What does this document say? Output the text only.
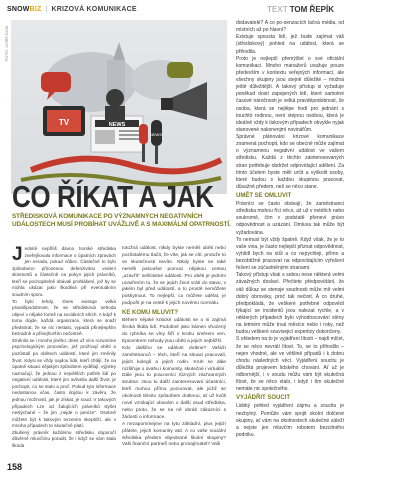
SNOWBIZ | KRIZOVÁ KOMUNIKACE	TEXT TOM ŘEPÍK
FOTO: 123RF.COM
TV	NEWS
NEWS
CO ŘÍKAT A JAK
STŘEDISKOVÁ KOMUNIKACE PO VÝZNAMNÝCH NEGATIVNÍCH UDÁLOSTECH MUSÍ PROBÍHAT UVÁŽLIVĚ A S MAXIMÁLNÍ OPATRNOSTÍ.

Jednitě nepříliš dávno horské střediska zveřejňovala informace o úpatních zpravách jen nerada, pokud vůbec. Částečně to bylo způsobeno přirozenou defenzivitou vedení skiresortů a částečně na pokyn jejich právníků, kteří se pochopitelně obávali prohlášení, jež by se mohla ukázat jako škodlivá při eventuálním soudním sporu.

To bylo tehdy. Dnes existuje velká pravděpodobnost, že se středisková nehoda objeví v nějaké formě na sociálních sítích. A když k tomu dojde, každá organizace, která se snaží předstírat, že se nic nestalo, vypadá přinejlepším bezradně a přinejhorším nečestně.

Změnilo se i mnoho jiného; dnes už více rozumíme psychologickým procesům, jež prožívají oběti a pozůstalí po obětech událostí, které jim změnily život. Kdysi se vždy najdou lidé, kteří chtějí, že na úpatně situaci nějakým způsobem vydělají, výjimky naznačují, že jednou z největších potřeb lidí po negativní události, které jim ovlivnila další život, je pochopit, co se stalo a proč. Pokud tyto informace nedostanou včas, často dojdou k závěru, že jednou možností, jak je získat, je soud. V takových případech Lze od žalujících právníků slyšet neslýchané – že jim „nejde o peníze". Osobně můžete být k takovým tvrzením skeptičtí, ale v mnoha případech to skutečně platí.

Zkušený právník každému středisku doporučí důvěrně mluvčímu poradit, že i když se vám stala škoda

totožná událost, nikdy byste neměli oběti nebo pozůstalému tlačit, že víte, jak se cítí, protože to ve skutečnosti nevíte. Nikdy byste se také neměli pokoušet pomoci nějakou cestou „uzavřít" nešťastné události. Pro oběti je jedním uzavřením to, že se jejich život vrátí do stavu, v jakém byl před událostí, a to prostě nemůžete poskytnout. To nejlepší, co můžete udělat, je podpořit je na cestě k jejich novému normálu.

KE KOMU MLUVIT?

Během nějaké kritické události se o ni zajímá široká škála lidí. Podobně jako kámen vhozený do rybníka se vlny šíří v kruhu směrem ven. Epicentrem nehody jsou oběti a jejich nejbližší.

Kdo dalšího se událost dotkne? Vašich zaměstnanců – těch, kteří na situaci pracovali, jejich kolegů a jejich rodin. Kruh se dále rozšiřuje o úvahu i komunity, skutečné i virtuální.

Dále jsou tu pracovníci různých záchranných struktur. Jsou tu další zainteresovaní účastníci, kteří mohou přímo pozorovat, ale jichž se okolnosti těmito způsobem dotknou, ať už kvůli nové vznikající obavám o další osud střediska, nebo proto, že se na ně obrátí zákazníci s žádostí o informace.

A nezapomínejme na tytu základní, plus jejich přátele, jejich komunity atd. A co vaše sociální střediska předem objednané školní skupiny? Vaši finanční partneři nebo pronajímatel? Vaši

dodavatelé? A co po-senzacích lačná média, od místních až po hlavní?

Existuje spousta lidí, jež bude zajímat váš (střediskový) pohled na událost, která se přihodila.

Proto je nejlepší přemýšlet o své oficiální komunikaci. Mnoho manažerů uvažuje pouze především v kontextu veřejných informací, ale všechny skupiny jsou stejně důležité – možná ještě důležitější. A takový přístup si vyžaduje poněkud dosti zapojených lidí, které samotné časové náročnosti je velká pravděpodobnost, že osoba, která se nejlépe hodí pro jednání s touchtó rodinou, není stejnou osobou, která je ideálně vždy k tiskovým případech obvykle nyjak stanovené nakonenjmí novinářům.

Správné plánování krizové komunikace znamená pochopit, kdo se obecně může zajímat o významnou negativní událost ve vašem středisku. Každá z těchto zainteresovaných stran potřebuje obdržet odpovídající sdělení. Za tímto účelem byste měli určit a vyškolit osoby, které budou s každou skupinou pracovat, důsažně předem, než se něco stane.

UMĚT SE OMLUVIT

Právníci se často obávají, že zaměstnanci střediska mohou říci něco, až už v médiích nebo soukromě, čím v podstatě přeneví právo odpovědnost a uzázání. Omluva tak může být vyžadována.

To nemusí být vždy špatně. Když však, že je to vaše vina, je často nejlepší přiznat odpovědnost, vyhlídl bych na stůl a co nejrychleji, přímo a bezobtížně pracovat na odpovídajícím vyřešení řešení se zúčastněnými stranami.

Takový přístup však s sebou nese některá velmi závažných doslaví. Přečtete předpovídání, že váš důkaz se stenoje soudnosti může mít velmi dobrý obrovsky, proč tak nečinit. A co druhé, předpokládá, že veškeré potřebné odpovědí týkající se incidentů jsou nalezat rychle, a v některých případech bylo vyhodnocování stěny na letmém může trval měsíce nebo i roky, než budou veškeré souvisejicí expertizy dokončeny.

S ohledem na to je vyjádření lítosti – najdi mlčet, že se něco nevrátí lítost. To, se to přihodilo – nejen vhodné, ale ve většině případů i k dobru chodu následných věcí. Vyjádření soucitu je důležitá projevem lidského chování. Ať už je odbornější, i v soudu můžu vám být skutečná lítost, že se něco stalo, i když i tím skutečně nemáte nic společného.

VYJÁDŘIT SOUCIT

Lidský pohled vyjádření zájmu a soucitu je nezbytný. Pomůže vám spojit okolní dotčené skupiny, ať vám na okolnostech skutečné záleží a nejste jen mluvčím robotem bezcitného podniku.

158
